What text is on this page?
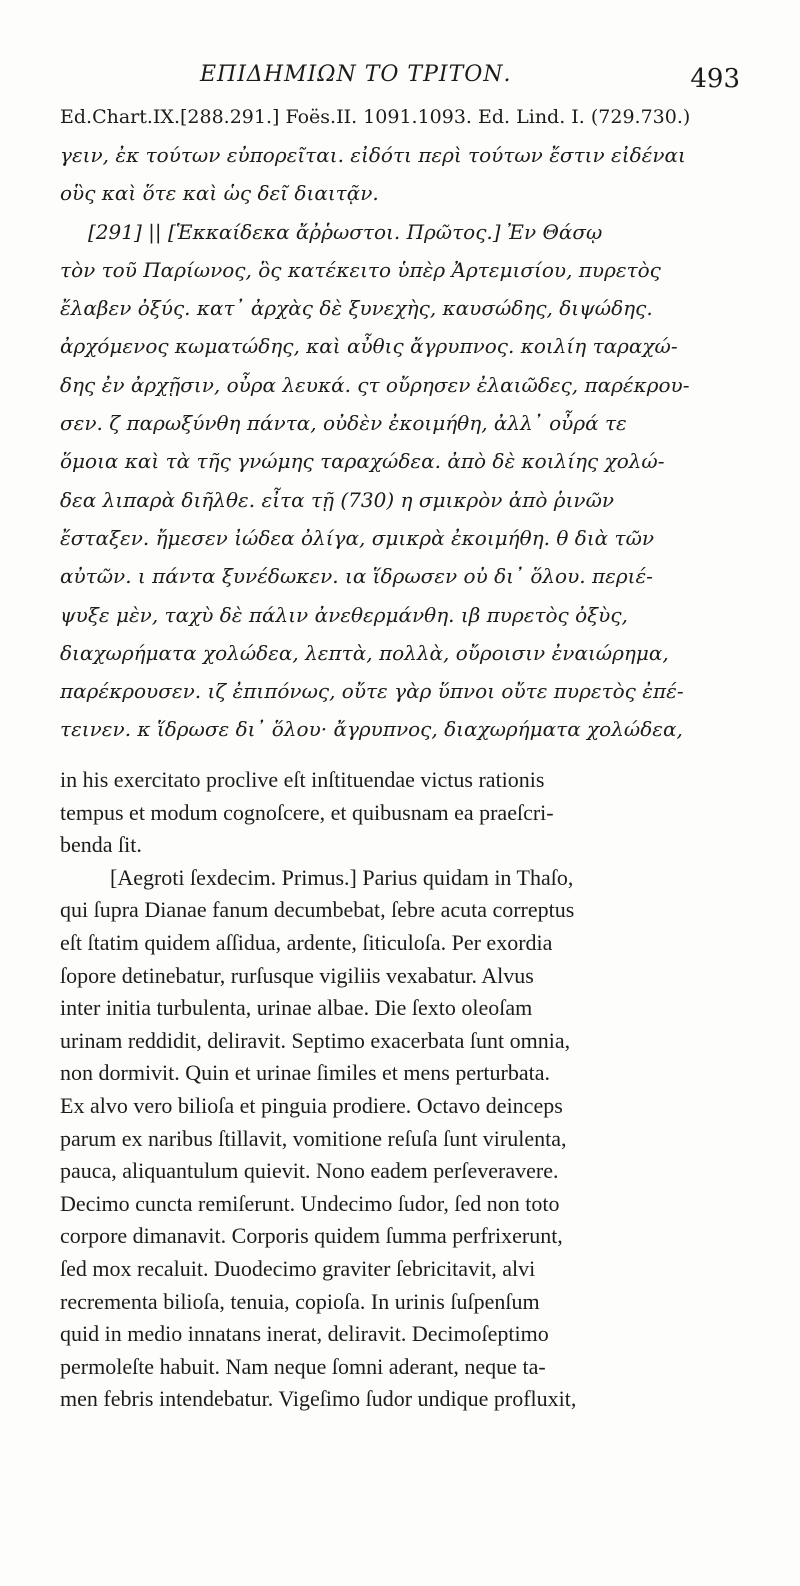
ΕΠΙΔΗΜΙΩΝ ΤΟ ΤΡΙΤΟΝ.	493
Ed.Chart.IX.[288.291.] Foës.II. 1091.1093. Ed. Lind. I. (729.730.)
γειν, ἐκ τούτων εὐπορεῖται. εἰδότι περὶ τούτων ἔστιν εἰδέναι
οὓς καὶ ὅτε καὶ ὡς δεῖ διαιτᾷν.
[291] || [Ἑκκαίδεκα ἄῤῥωστοι. Πρῶτος.] Ἐν Θάσῳ
τὸν τοῦ Παρίωνος, ὃς κατέκειτο ὑπὲρ Ἀρτεμισίου, πυρετὸς
ἔλαβεν ὀξύς. κατ᾽ ἀρχὰς δὲ ξυνεχὴς, καυσώδης, διψώδης.
ἀρχόμενος κωματώδης, καὶ αὖθις ἄγρυπνος. κοιλίη ταραχώ-
δης ἐν ἀρχῇσιν, οὖρα λευκά. ςτ οὔρησεν ἐλαιῶδες, παρέκρου-
σεν. ζ παρωξύνθη πάντα, οὐδὲν ἐκοιμήθη, ἀλλ᾽ οὖρά τε
ὅμοια καὶ τὰ τῆς γνώμης ταραχώδεα. ἀπὸ δὲ κοιλίης χολώ-
δεα λιπαρὰ διῆλθε. εἶτα τῇ (730) η σμικρὸν ἀπὸ ῥινῶν
ἔσταξεν. ἤμεσεν ἰώδεα ὀλίγα, σμικρὰ ἐκοιμήθη. θ διὰ τῶν
αὐτῶν. ι πάντα ξυνέδωκεν. ια ἵδρωσεν οὐ δι᾽ ὅλου. περιέ-
ψυξε μὲν, ταχὺ δὲ πάλιν ἀνεθερμάνθη. ιβ πυρετὸς ὀξὺς,
διαχωρήματα χολώδεα, λεπτὰ, πολλὰ, οὔροισιν ἐναιώρημα,
παρέκρουσεν. ιζ ἐπιπόνως, οὔτε γὰρ ὕπνοι οὔτε πυρετὸς ἐπέ-
τεινεν. κ ἵδρωσε δι᾽ ὅλου· ἄγρυπνος, διαχωρήματα χολώδεα,
in his exercitato proclive eſt inſtituendae victus rationis
tempus et modum cognoſcere, et quibusnam ea praeſcri-
benda ſit.
[Aegroti ſexdecim. Primus.] Parius quidam in Thaſo,
qui ſupra Dianae fanum decumbebat, ſebre acuta correptus
eſt ſtatim quidem aſſidua, ardente, ſiticuloſa. Per exordia
ſopore detinebatur, rurſusque vigiliis vexabatur. Alvus
inter initia turbulenta, urinae albae. Die ſexto oleoſam
urinam reddidit, deliravit. Septimo exacerbata ſunt omnia,
non dormivit. Quin et urinae ſimiles et mens perturbata.
Ex alvo vero bilioſa et pinguia prodiere. Octavo deinceps
parum ex naribus ſtillavit, vomitione reſuſa ſunt virulenta,
pauca, aliquantulum quievit. Nono eadem perſeveravere.
Decimo cuncta remiſerunt. Undecimo ſudor, ſed non toto
corpore dimanavit. Corporis quidem ſumma perfrixerunt,
ſed mox recaluit. Duodecimo graviter ſebricitavit, alvi
recrementa bilioſa, tenuia, copioſa. In urinis ſuſpenſum
quid in medio innatans inerat, deliravit. Decimoſeptimo
permoleſte habuit. Nam neque ſomni aderant, neque ta-
men febris intendebatur. Vigeſimo ſudor undique profluxit,
